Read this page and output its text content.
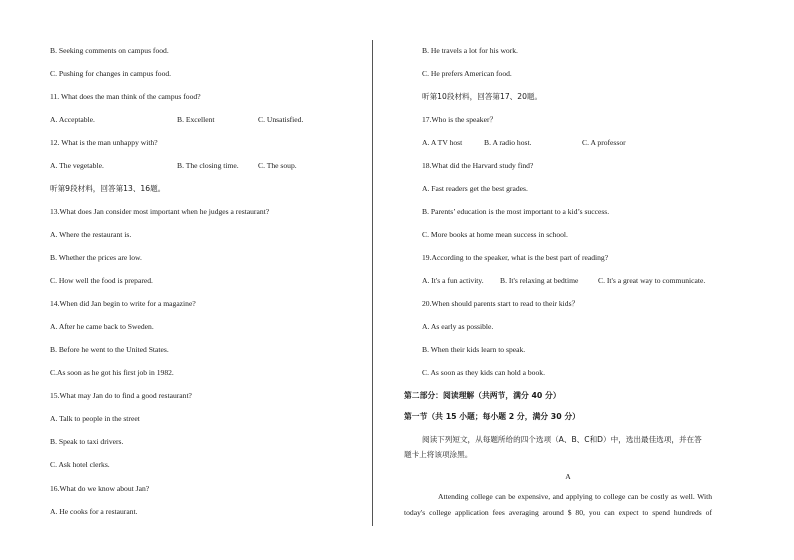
B. Seeking comments on campus food.
C. Pushing for changes in campus food.
11. What does the man think of the campus food?
A. Acceptable.	B. Excellent	C. Unsatisfied.
12. What is the man unhappy with?
A. The vegetable.	B. The closing time.	C. The soup.
听第9段材料，回答第13、16题。
13.What does Jan consider most important when he judges a restaurant?
A. Where the restaurant is.
B. Whether the prices are low.
C. How well the food is prepared.
14.When did Jan begin to write for a magazine?
A. After he came back to Sweden.
B. Before he went to the United States.
C.As soon as he got his first job in 1982.
15.What may Jan do to find a good restaurant?
A. Talk to people in the street
B. Speak to taxi drivers.
C. Ask hotel clerks.
16.What do we know about Jan?
A. He cooks for a restaurant.
B. He travels a lot for his work.
C. He prefers American food.
听第10段材料，回答第17、20题。
17.Who is the speaker？
A. A TV host	B. A radio host.	C. A professor
18.What did the Harvard study find?
A. Fast readers get the best grades.
B. Parents’ education is the most important to a kid’s success.
C. More books at home mean success in school.
19.According to the speaker, what is the best part of reading?
A. It's a fun activity. B. It's relaxing at bedtime	C. It's a great way to communicate.
20.When should parents start to read to their kids？
A. As early as possible.
B. When their kids learn to speak.
C. As soon as they kids can hold a book.
第二部分：阅读理解（共两节，满分 40 分）
第一节（共 15 小题；每小题 2 分，满分 30 分）
阅读下列短文，从每题所给的四个选项（A、B、C和D）中，选出最佳选项，并在答
题卡上将该项涂黑。
A
Attending college can be expensive, and applying to college can be costly as well. With
today's college application fees averaging around $ 80, you can expect to spend hundreds of
